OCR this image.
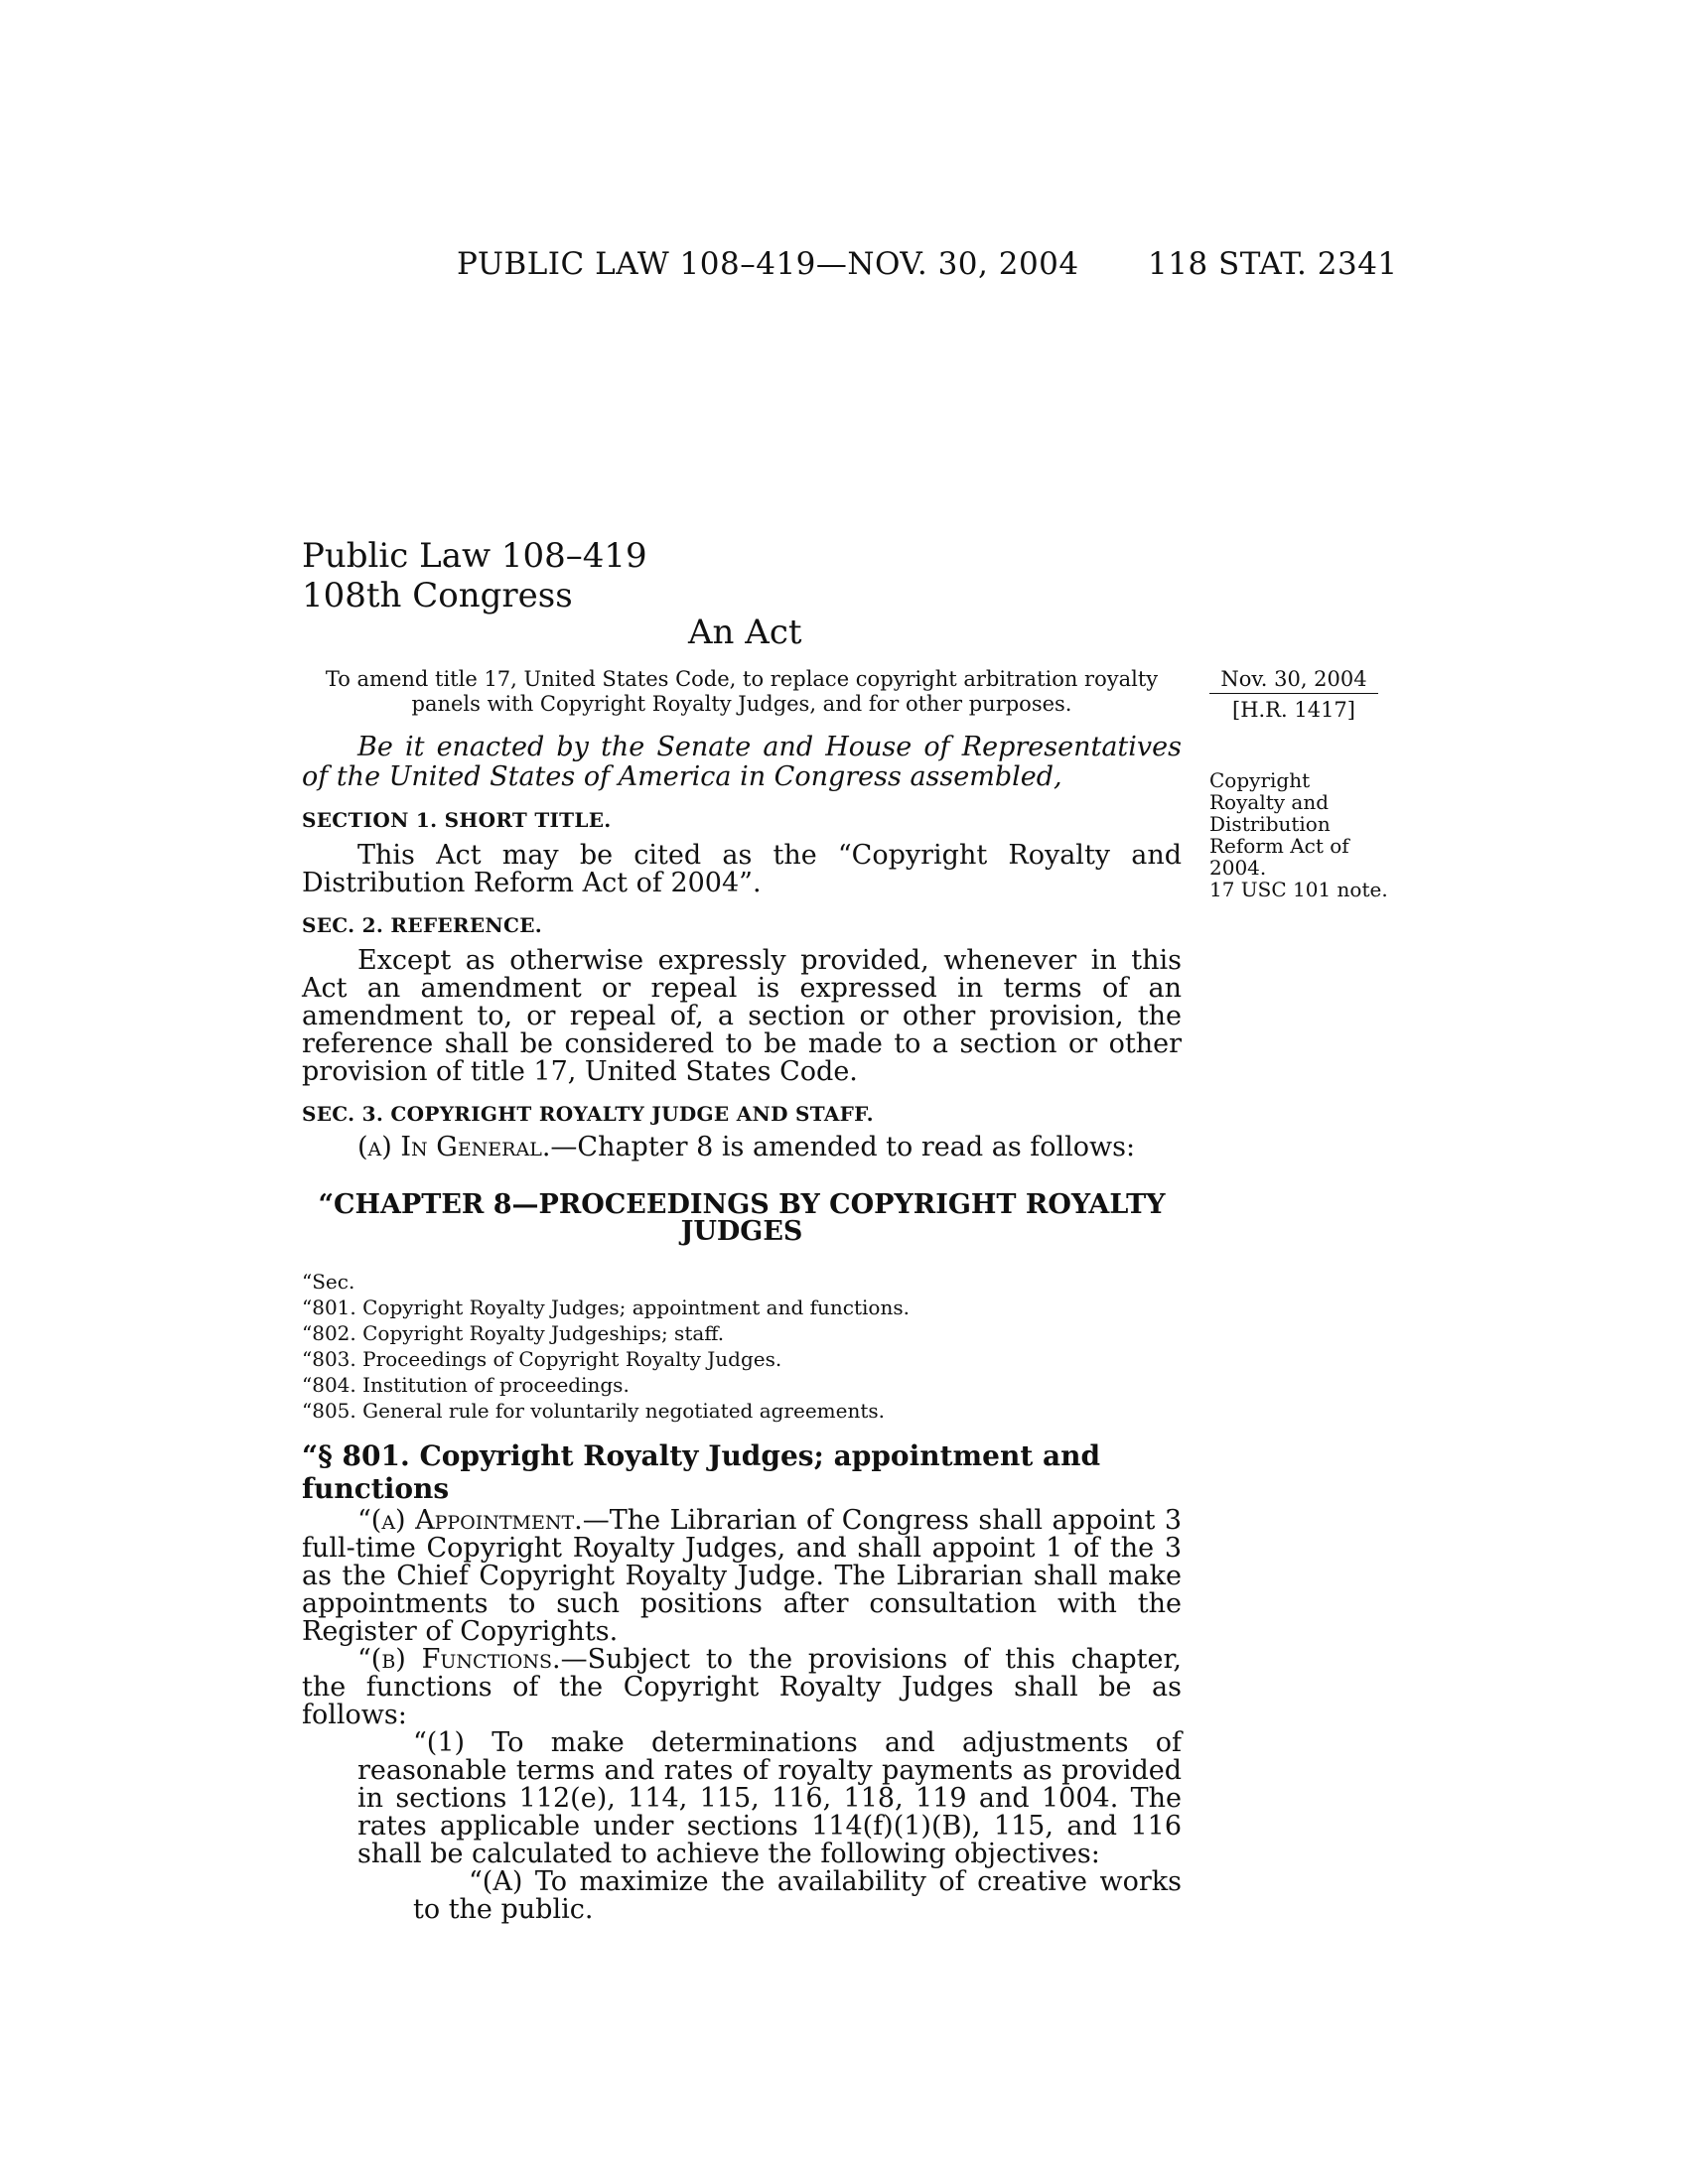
PUBLIC LAW 108–419—NOV. 30, 2004 118 STAT. 2341
Public Law 108–419
108th Congress
An Act
To amend title 17, United States Code, to replace copyright arbitration royalty panels with Copyright Royalty Judges, and for other purposes.
Nov. 30, 2004
[H.R. 1417]
Copyright
Royalty and
Distribution
Reform Act of
2004.
17 USC 101 note.

Be it enacted by the Senate and House of Representatives of the United States of America in Congress assembled,

SECTION 1. SHORT TITLE.

This Act may be cited as the “Copyright Royalty and Distribution Reform Act of 2004”.

SEC. 2. REFERENCE.

Except as otherwise expressly provided, whenever in this Act an amendment or repeal is expressed in terms of an amendment to, or repeal of, a section or other provision, the reference shall be considered to be made to a section or other provision of title 17, United States Code.

SEC. 3. COPYRIGHT ROYALTY JUDGE AND STAFF.

(a) In General.—Chapter 8 is amended to read as follows:

“CHAPTER 8—PROCEEDINGS BY COPYRIGHT ROYALTY

JUDGES

“Sec.
“801. Copyright Royalty Judges; appointment and functions.
“802. Copyright Royalty Judgeships; staff.
“803. Proceedings of Copyright Royalty Judges.
“804. Institution of proceedings.
“805. General rule for voluntarily negotiated agreements.

“§ 801. Copyright Royalty Judges; appointment and functions

“(a) Appointment.—The Librarian of Congress shall appoint 3 full-time Copyright Royalty Judges, and shall appoint 1 of the 3 as the Chief Copyright Royalty Judge. The Librarian shall make appointments to such positions after consultation with the Register of Copyrights.

“(b) Functions.—Subject to the provisions of this chapter, the functions of the Copyright Royalty Judges shall be as follows:

“(1) To make determinations and adjustments of reasonable terms and rates of royalty payments as provided in sections 112(e), 114, 115, 116, 118, 119 and 1004. The rates applicable under sections 114(f)(1)(B), 115, and 116 shall be calculated to achieve the following objectives:

“(A) To maximize the availability of creative works to the public.
